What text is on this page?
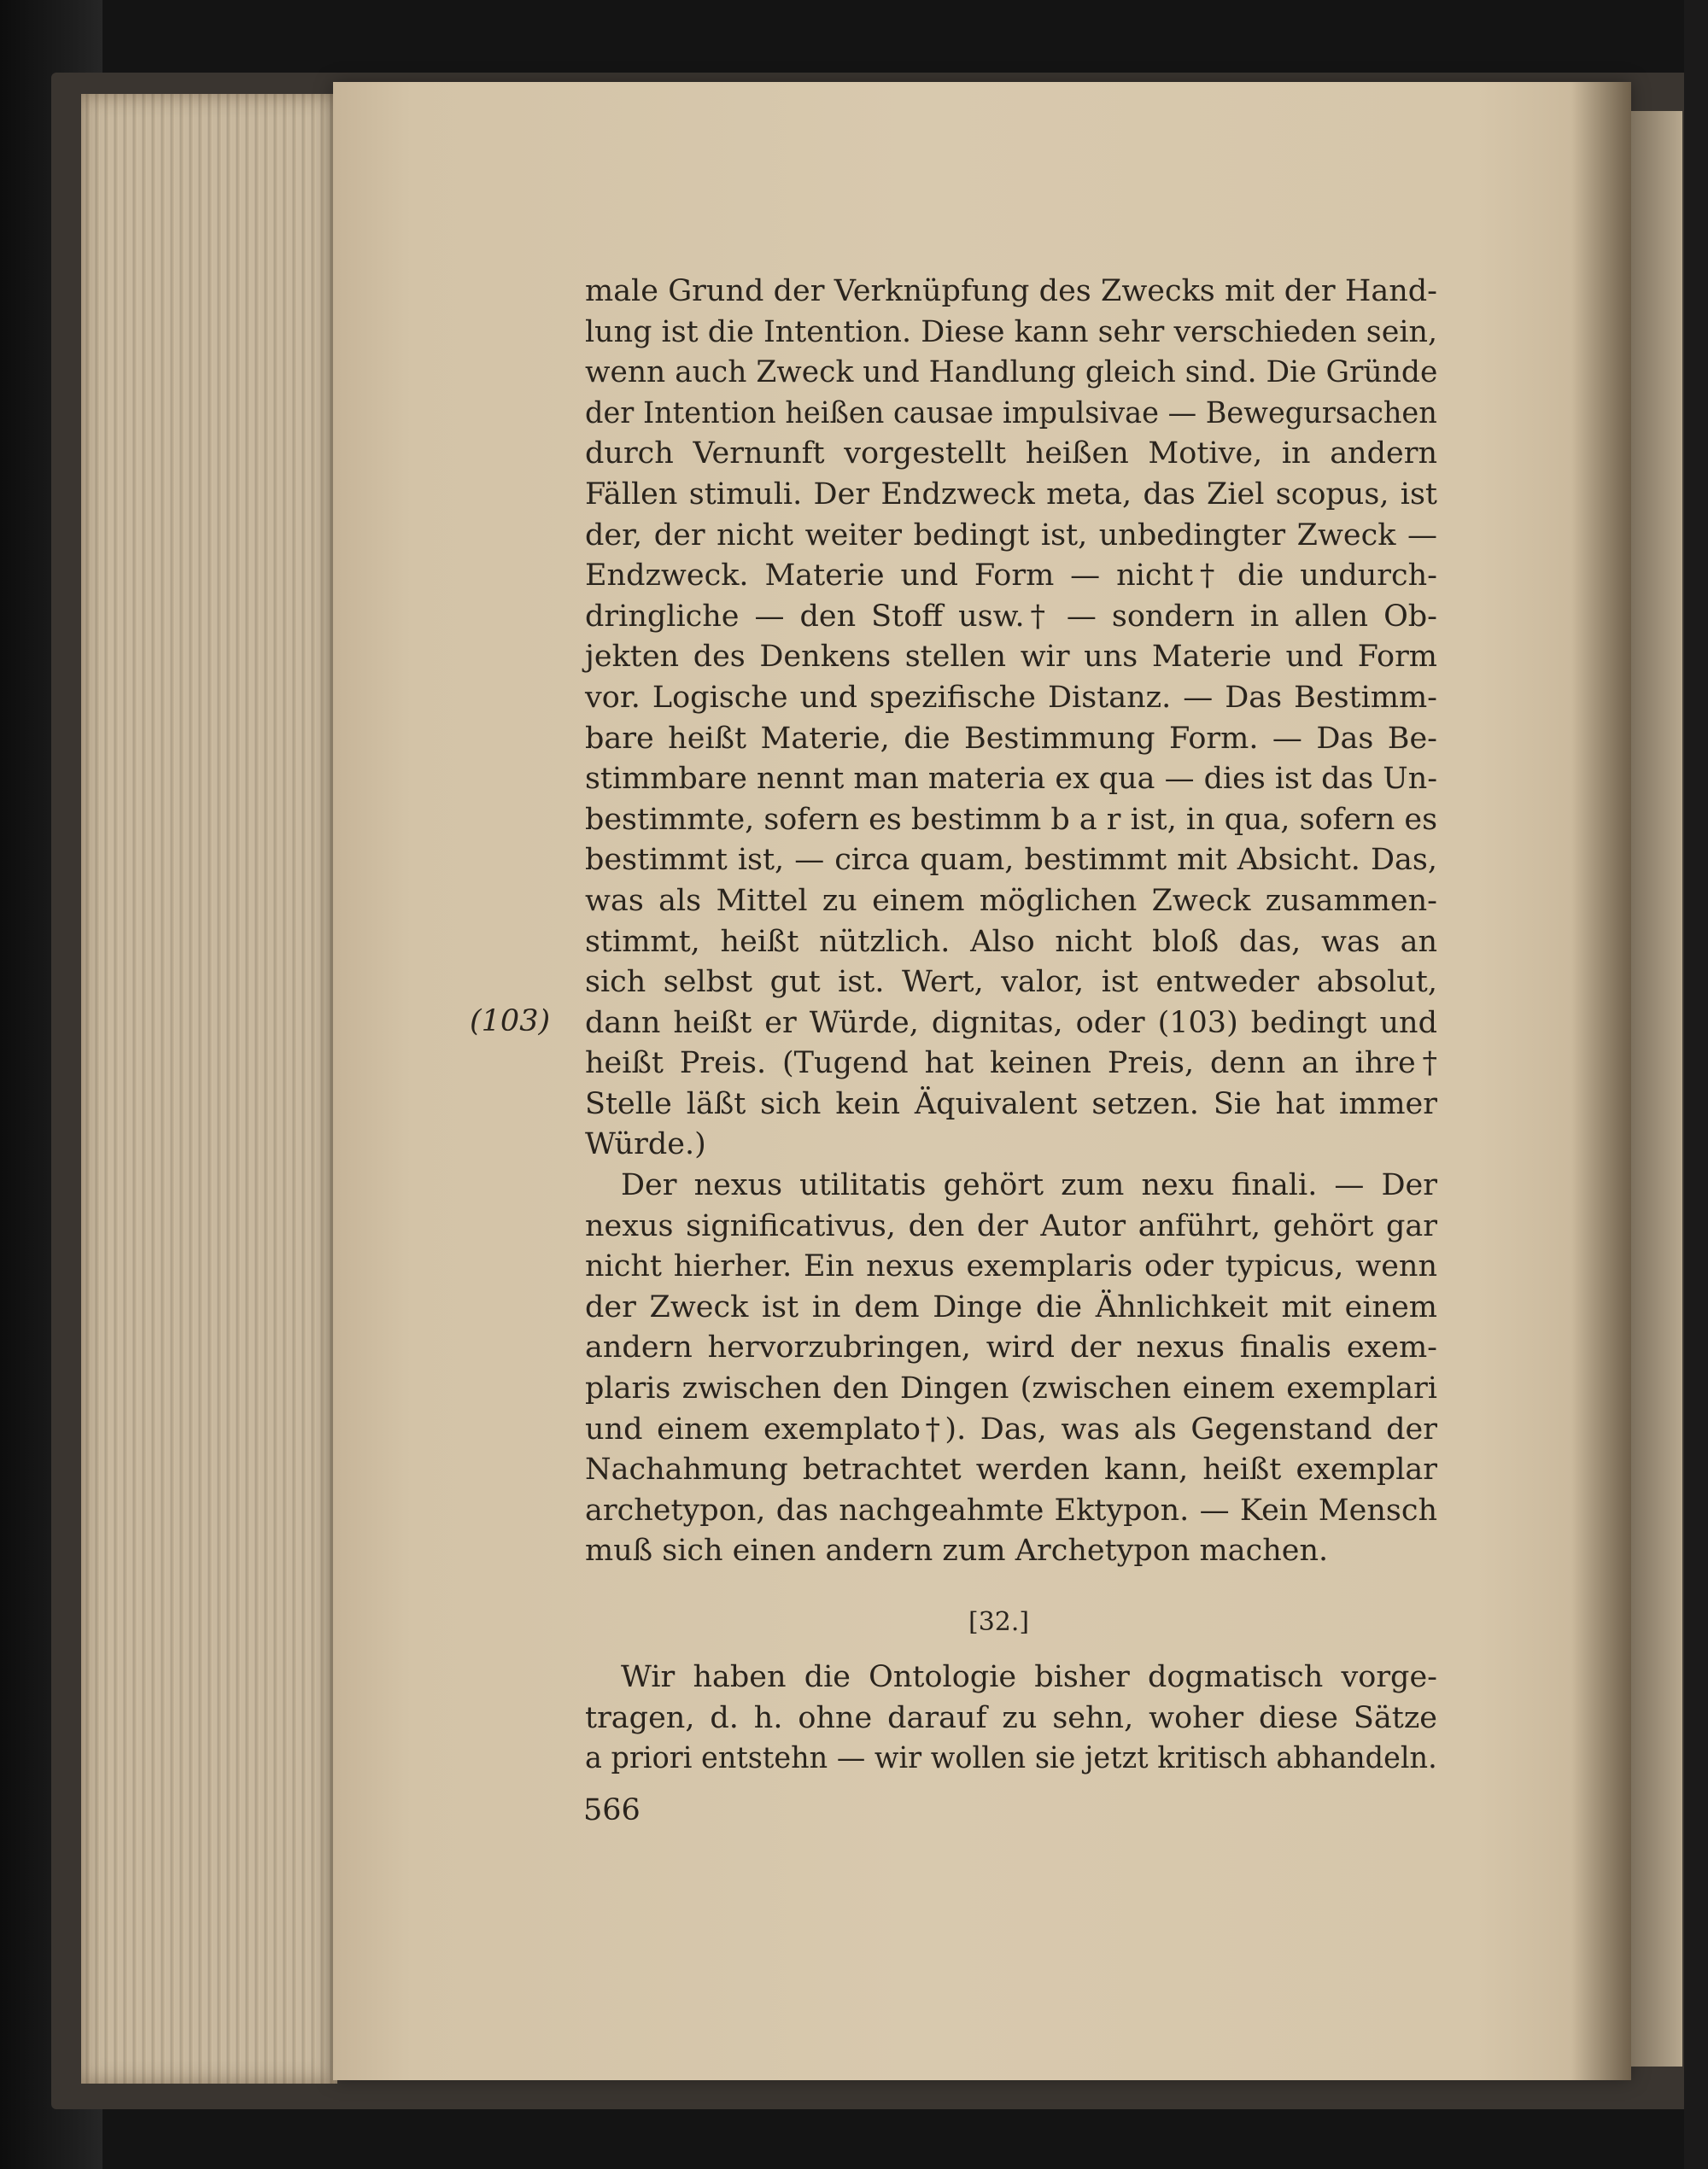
(103)
male Grund der Verknüpfung des Zwecks mit der Hand-
lung ist die Intention. Diese kann sehr verschieden sein,
wenn auch Zweck und Handlung gleich sind. Die Gründe
der Intention heißen causae impulsivae — Bewegursachen
durch Vernunft vorgestellt heißen Motive, in andern
Fällen stimuli. Der Endzweck meta, das Ziel scopus, ist
der, der nicht weiter bedingt ist, unbedingter Zweck —
Endzweck. Materie und Form — nicht† die undurch-
dringliche — den Stoff usw.† — sondern in allen Ob-
jekten des Denkens stellen wir uns Materie und Form
vor. Logische und spezifische Distanz. — Das Bestimm-
bare heißt Materie, die Bestimmung Form. — Das Be-
stimmbare nennt man materia ex qua — dies ist das Un-
bestimmte, sofern es bestimm b a r ist, in qua, sofern es
bestimmt ist, — circa quam, bestimmt mit Absicht. Das,
was als Mittel zu einem möglichen Zweck zusammen-
stimmt, heißt nützlich. Also nicht bloß das, was an
sich selbst gut ist. Wert, valor, ist entweder absolut,
dann heißt er Würde, dignitas, oder (103) bedingt und
heißt Preis. (Tugend hat keinen Preis, denn an ihre†
Stelle läßt sich kein Äquivalent setzen. Sie hat immer
Würde.)
Der nexus utilitatis gehört zum nexu finali. — Der
nexus significativus, den der Autor anführt, gehört gar
nicht hierher. Ein nexus exemplaris oder typicus, wenn
der Zweck ist in dem Dinge die Ähnlichkeit mit einem
andern hervorzubringen, wird der nexus finalis exem-
plaris zwischen den Dingen (zwischen einem exemplari
und einem exemplato†). Das, was als Gegenstand der
Nachahmung betrachtet werden kann, heißt exemplar
archetypon, das nachgeahmte Ektypon. — Kein Mensch
muß sich einen andern zum Archetypon machen.
[32.]
Wir haben die Ontologie bisher dogmatisch vorge-
tragen, d. h. ohne darauf zu sehn, woher diese Sätze
a priori entstehn — wir wollen sie jetzt kritisch abhandeln.
566
